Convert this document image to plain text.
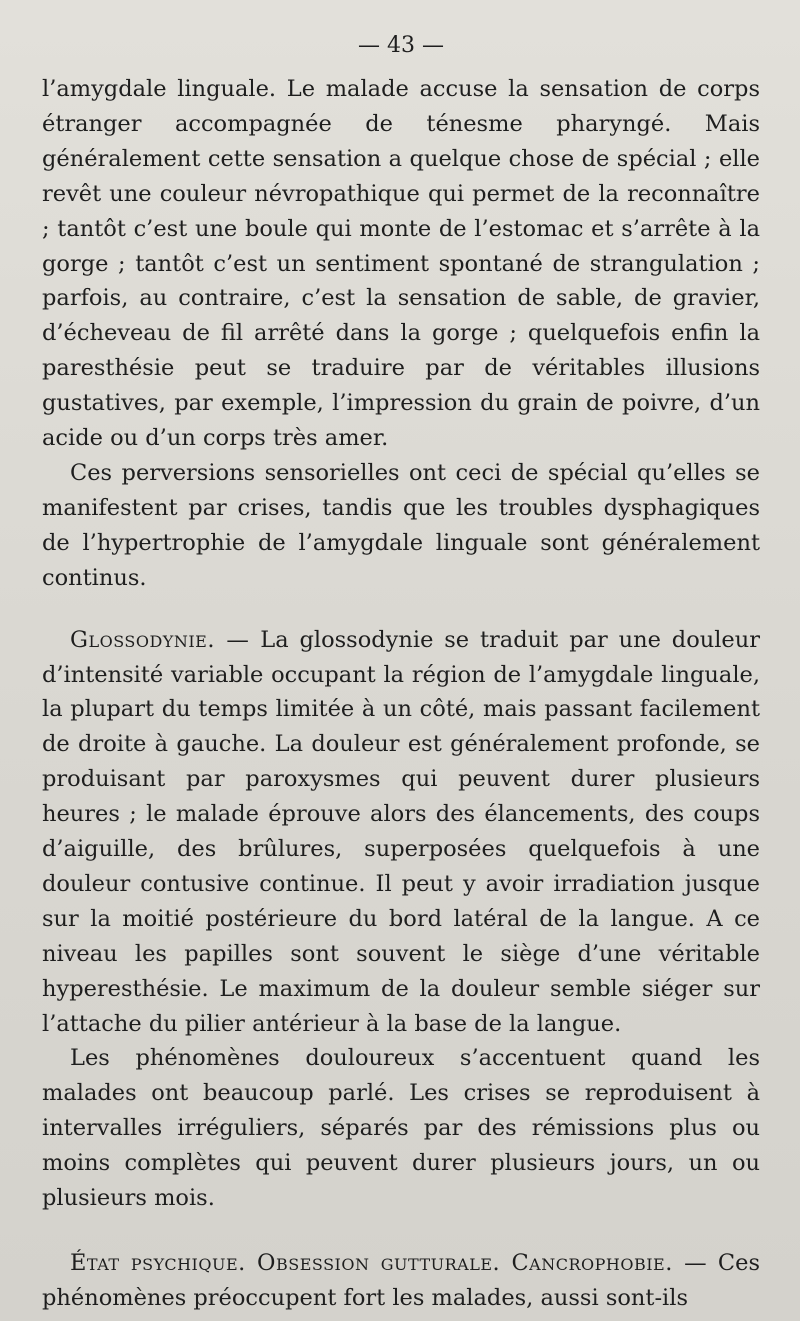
— 43 —

l’amygdale linguale. Le malade accuse la sensation de corps étranger accompagnée de ténesme pharyngé. Mais généralement cette sensation a quelque chose de spécial ; elle revêt une couleur névropathique qui permet de la reconnaître ; tantôt c’est une boule qui monte de l’estomac et s’arrête à la gorge ; tantôt c’est un sentiment spontané de strangulation ; parfois, au contraire, c’est la sensation de sable, de gravier, d’écheveau de fil arrêté dans la gorge ; quelquefois enfin la paresthésie peut se traduire par de véritables illusions gustatives, par exemple, l’impression du grain de poivre, d’un acide ou d’un corps très amer.

Ces perversions sensorielles ont ceci de spécial qu’elles se manifestent par crises, tandis que les troubles dysphagiques de l’hypertrophie de l’amygdale linguale sont généralement continus.

Glossodynie. — La glossodynie se traduit par une douleur d’intensité variable occupant la région de l’amygdale linguale, la plupart du temps limitée à un côté, mais passant facilement de droite à gauche. La douleur est généralement profonde, se produisant par paroxysmes qui peuvent durer plusieurs heures ; le malade éprouve alors des élancements, des coups d’aiguille, des brûlures, superposées quelquefois à une douleur contusive continue. Il peut y avoir irradiation jusque sur la moitié postérieure du bord latéral de la langue. A ce niveau les papilles sont souvent le siège d’une véritable hyperesthésie. Le maximum de la douleur semble siéger sur l’attache du pilier antérieur à la base de la langue.

Les phénomènes douloureux s’accentuent quand les malades ont beaucoup parlé. Les crises se reproduisent à intervalles irréguliers, séparés par des rémissions plus ou moins complètes qui peuvent durer plusieurs jours, un ou plusieurs mois.

État psychique. Obsession gutturale. Cancrophobie. — Ces phénomènes préoccupent fort les malades, aussi sont-ils
